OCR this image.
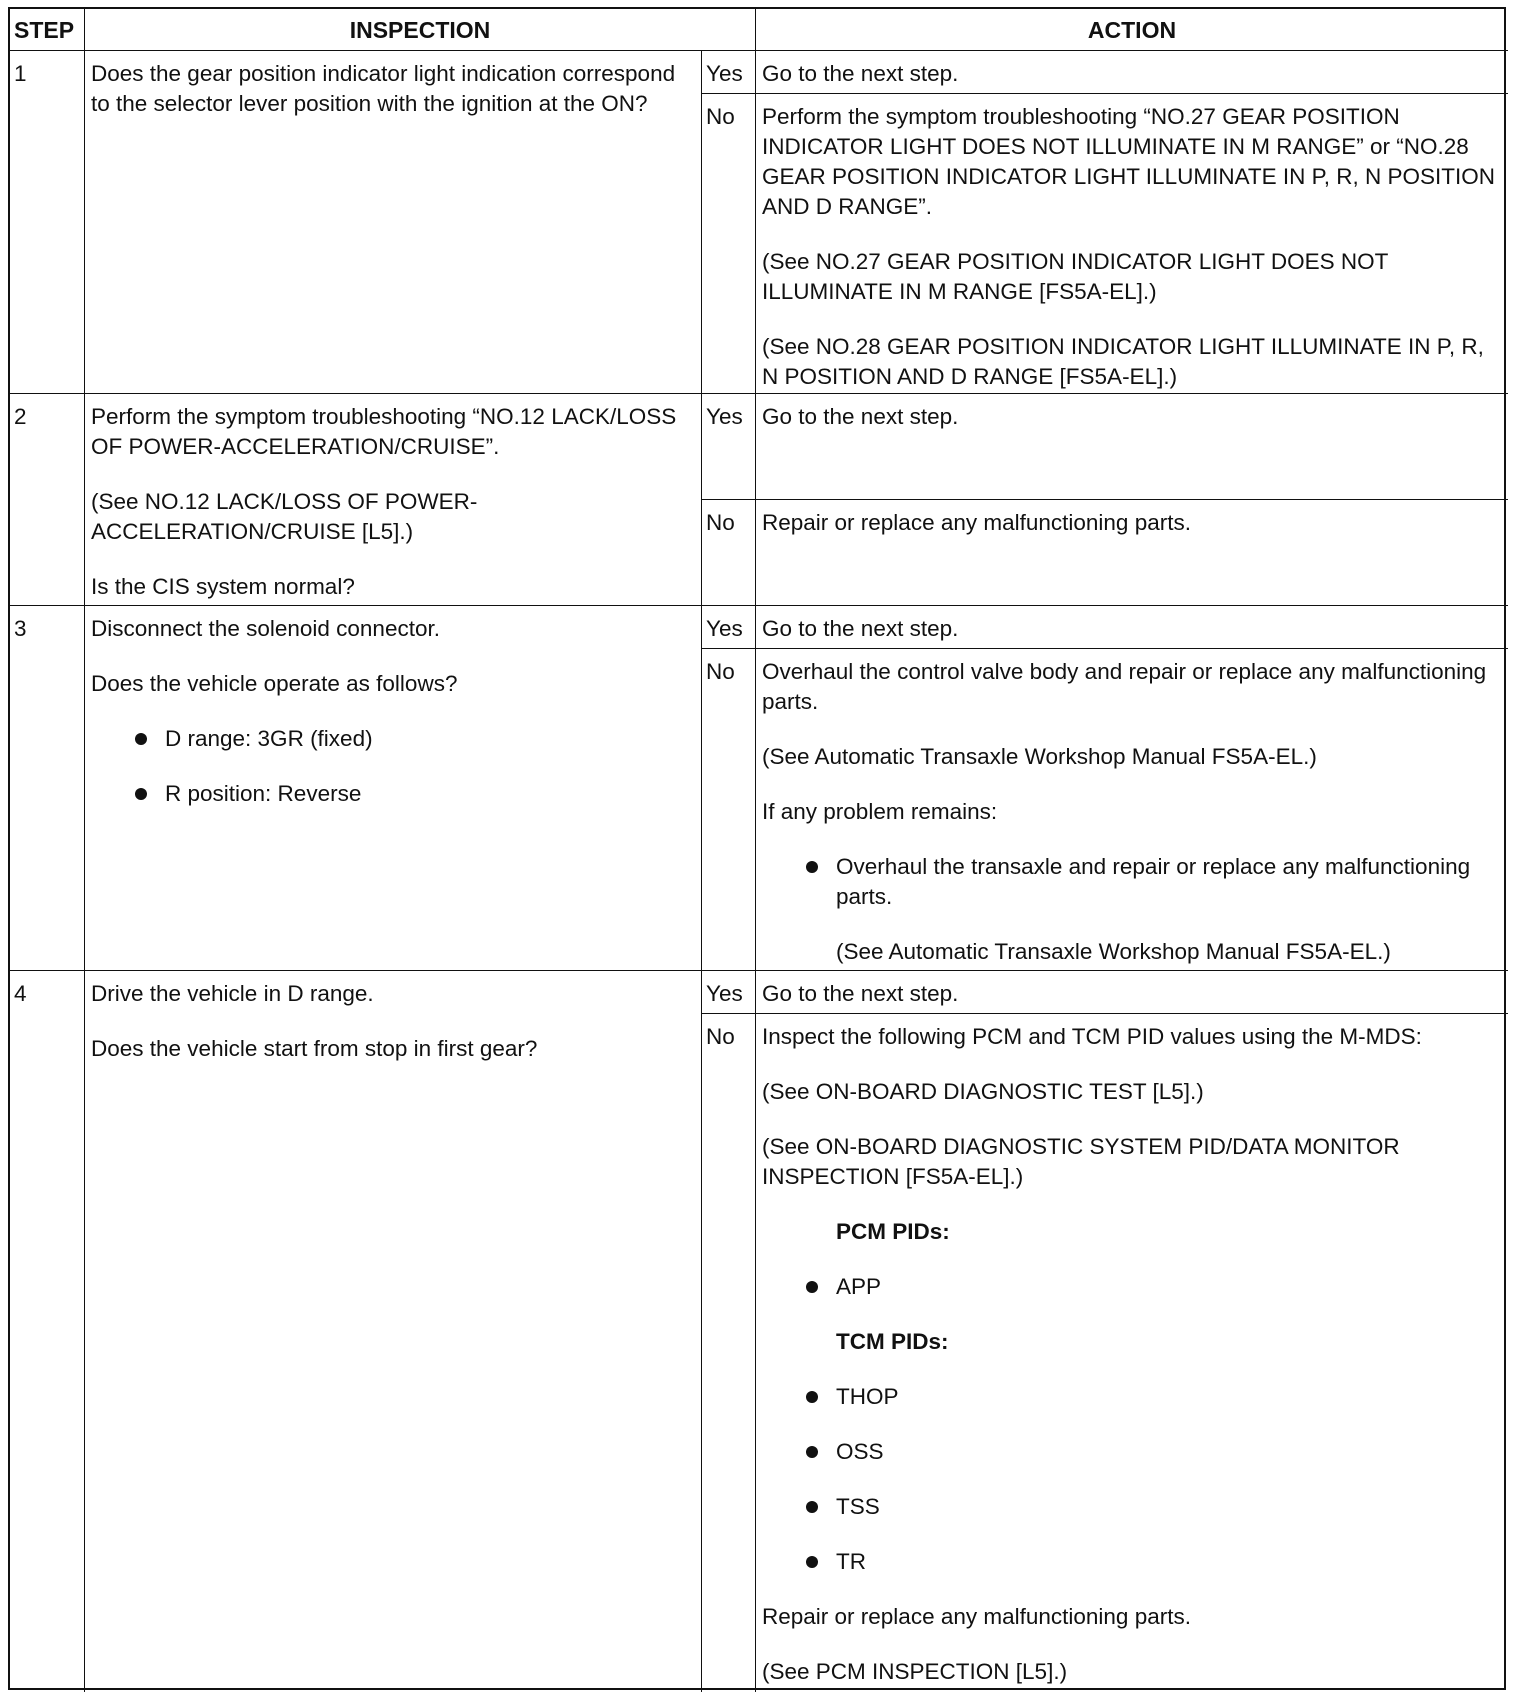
STEP	INSPECTION	ACTION
1	Does the gear position indicator light indication correspond to the selector lever position with the ignition at the ON?

Yes Go to the next step.

No	Perform the symptom troubleshooting “NO.27 GEAR POSITION INDICATOR LIGHT DOES NOT ILLUMINATE IN M RANGE” or “NO.28 GEAR POSITION INDICATOR LIGHT ILLUMINATE IN P, R, N POSITION AND D RANGE”.

(See NO.27 GEAR POSITION INDICATOR LIGHT DOES NOT ILLUMINATE IN M RANGE [FS5A-EL].)

(See NO.28 GEAR POSITION INDICATOR LIGHT ILLUMINATE IN P, R, N POSITION AND D RANGE [FS5A-EL].)

2	Perform the symptom troubleshooting “NO.12 LACK/LOSS OF POWER-ACCELERATION/CRUISE”.

(See NO.12 LACK/LOSS OF POWER-ACCELERATION/CRUISE [L5].)

Is the CIS system normal?

Yes Go to the next step.

No	Repair or replace any malfunctioning parts.

3	Disconnect the solenoid connector.

Does the vehicle operate as follows?

D range: 3GR (fixed)
R position: Reverse
Yes Go to the next step.

No	Overhaul the control valve body and repair or replace any malfunctioning parts.

(See Automatic Transaxle Workshop Manual FS5A-EL.)

If any problem remains:

Overhaul the transaxle and repair or replace any malfunctioning parts.

(See Automatic Transaxle Workshop Manual FS5A-EL.)

4	Drive the vehicle in D range.

Does the vehicle start from stop in first gear?

Yes Go to the next step.

No	Inspect the following PCM and TCM PID values using the M-MDS:

(See ON-BOARD DIAGNOSTIC TEST [L5].)

(See ON-BOARD DIAGNOSTIC SYSTEM PID/DATA MONITOR INSPECTION [FS5A-EL].)

PCM PIDs:

APP

TCM PIDs:

THOP
OSS
TSS
TR

Repair or replace any malfunctioning parts.

(See PCM INSPECTION [L5].)
